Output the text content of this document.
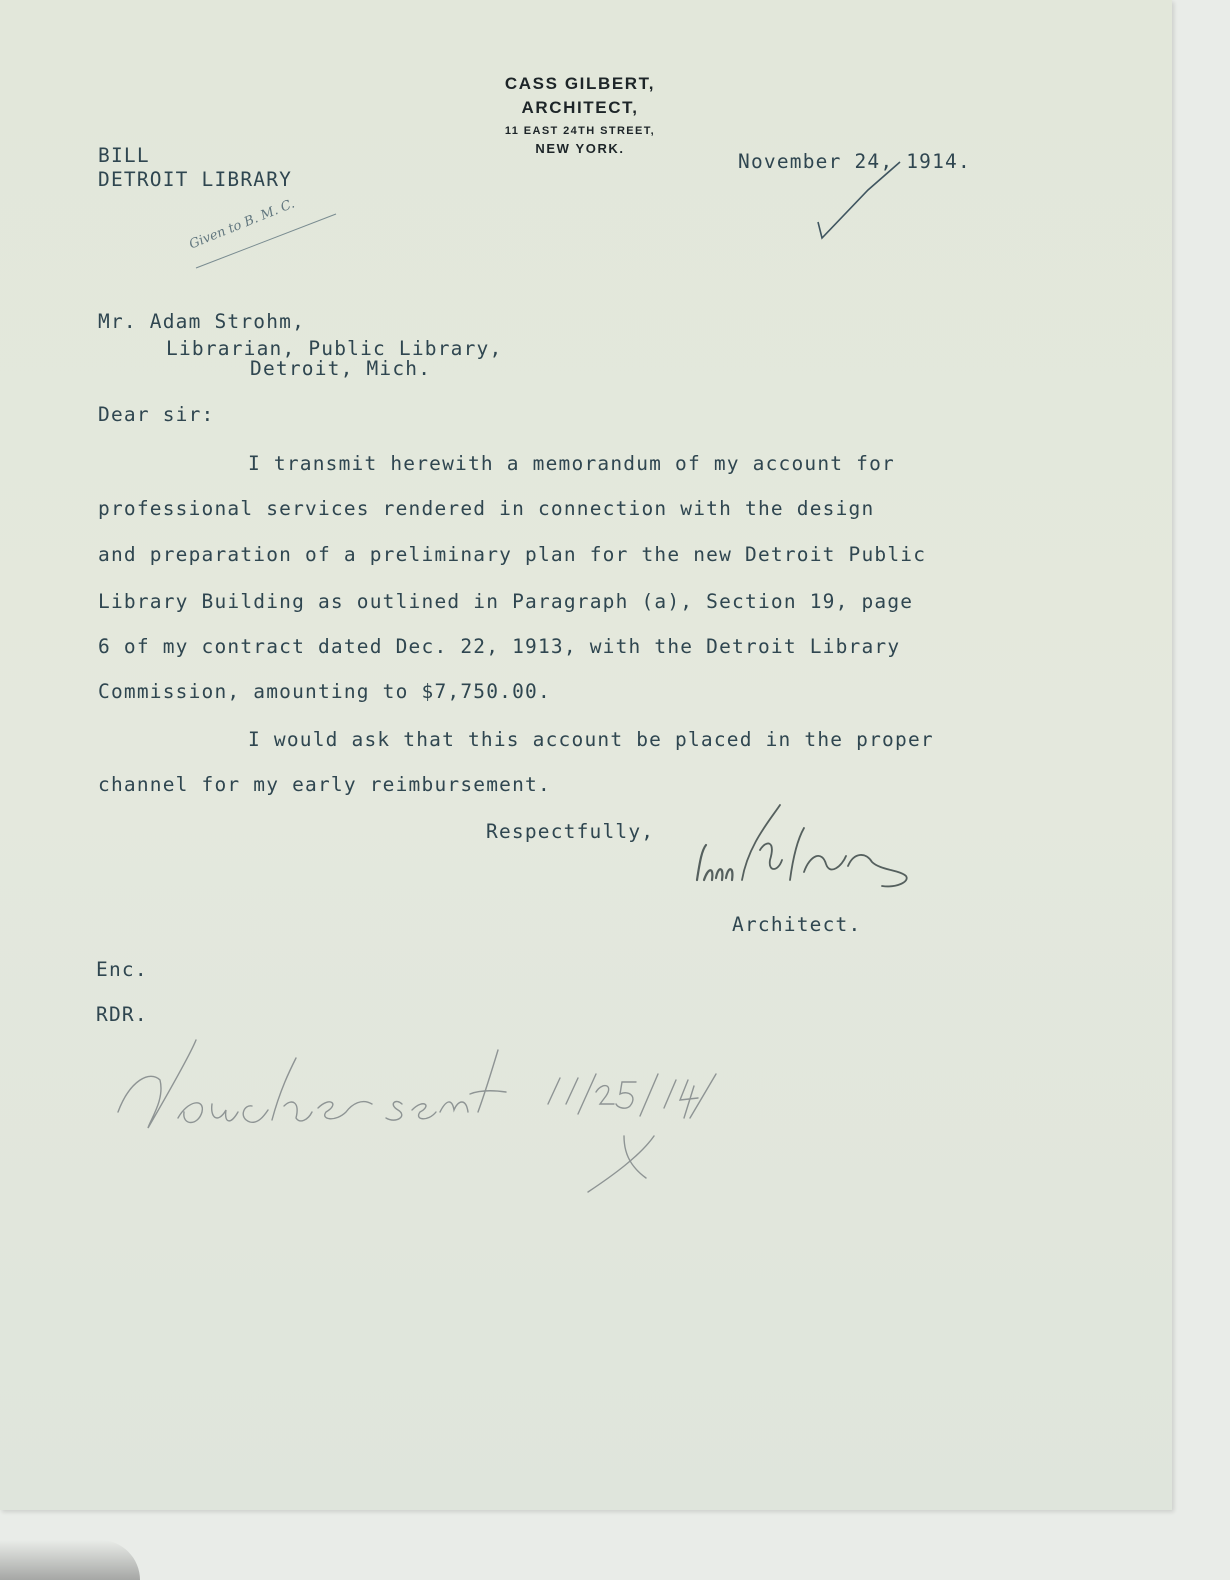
CASS GILBERT,
ARCHITECT,
11 EAST 24TH STREET,
NEW YORK.
BILL
DETROIT LIBRARY
November 24, 1914.
Given to B. M. C.
Mr. Adam Strohm,
Librarian, Public Library,
Detroit, Mich.
Dear sir:
I transmit herewith a memorandum of my account for
professional services rendered in connection with the design
and preparation of a preliminary plan for the new Detroit Public
Library Building as outlined in Paragraph (a), Section 19, page
6 of my contract dated Dec. 22, 1913, with the Detroit Library
Commission, amounting to $7,750.00.
I would ask that this account be placed in the proper
channel for my early reimbursement.
Respectfully,
Architect.
Enc.
RDR.
